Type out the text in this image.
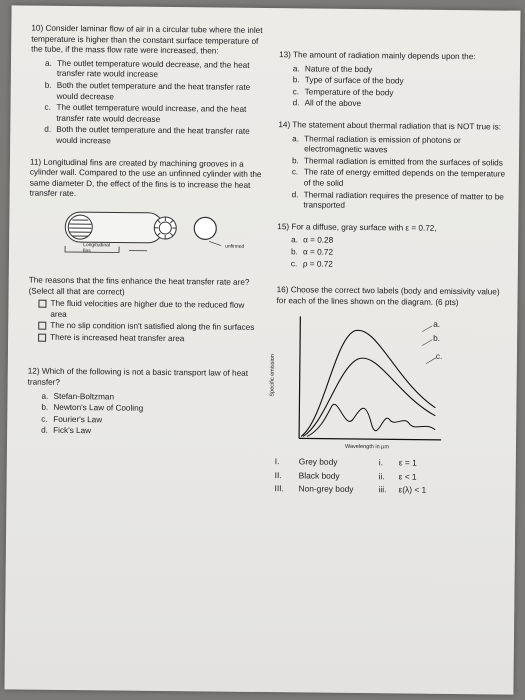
10) Consider laminar flow of air in a circular tube where the inlet temperature is higher than the constant surface temperature of the tube, if the mass flow rate were increased, then:

a. The outlet temperature would decrease, and the heat transfer rate would increase
b. Both the outlet temperature and the heat transfer rate would decrease
c. The outlet temperature would increase, and the heat transfer rate would decrease
d. Both the outlet temperature and the heat transfer rate would increase

11) Longitudinal fins are created by machining grooves in a cylinder wall. Compared to the use an unfinned cylinder with the same diameter D, the effect of the fins is to increase the heat transfer rate.

Longitudinal fins
unfinned

The reasons that the fins enhance the heat transfer rate are? (Select all that are correct)

The fluid velocities are higher due to the reduced flow area
The no slip condition isn't satisfied along the fin surfaces
There is increased heat transfer area

12) Which of the following is not a basic transport law of heat transfer?

a. Stefan-Boltzman
b. Newton's Law of Cooling
c. Fourier's Law
d. Fick's Law

13) The amount of radiation mainly depends upon the:

a. Nature of the body
b. Type of surface of the body
c. Temperature of the body
d. All of the above

14) The statement about thermal radiation that is NOT true is:

a. Thermal radiation is emission of photons or electromagnetic waves
b. Thermal radiation is emitted from the surfaces of solids
c. The rate of energy emitted depends on the temperature of the solid
d. Thermal radiation requires the presence of matter to be transported

15) For a diffuse, gray surface with ε = 0.72,

a. α = 0.28
b. α = 0.72
c. ρ = 0.72

16) Choose the correct two labels (body and emissivity value) for each of the lines shown on the diagram. (6 pts)

a.
b.
c.
Specific emission
Wavelength in μm
I.	Grey body	i.	ε = 1
II.	Black body	ii.	ε < 1
III.	Non-grey body	iii.	ε(λ) < 1
